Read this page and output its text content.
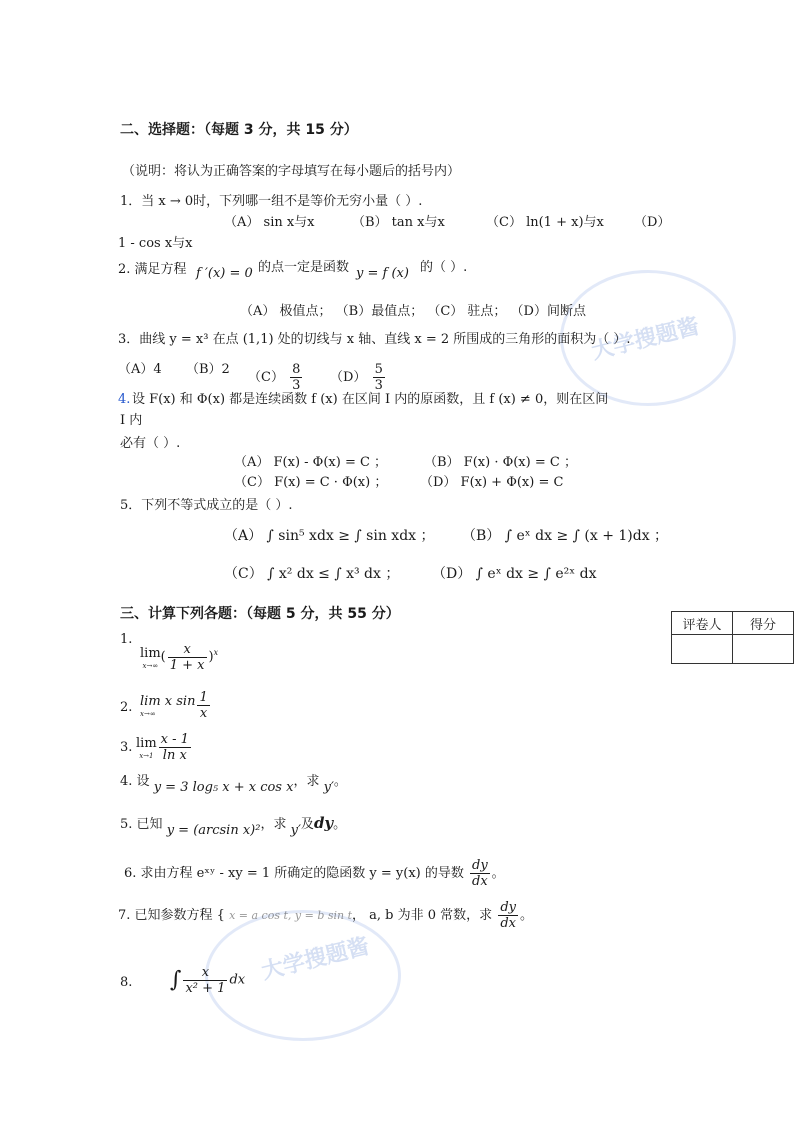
大学搜题酱
大学搜题酱
二、选择题：（每题 3 分，共 15 分）
（说明：将认为正确答案的字母填写在每小题后的括号内）
1．当 x → 0时，下列哪一组不是等价无穷小量（ ）.
（A） sin x与x	（B） tan x与x	（C） ln(1 + x)与x （D）
1 - cos x与x
2. 满足方程 f ′(x) = 0 的点一定是函数 y = f (x) 的（ ）.
（A） 极值点； （B）最值点； （C） 驻点； （D）间断点
3．曲线 y = x³ 在点 (1,1) 处的切线与 x 轴、直线 x = 2 所围成的三角形的面积为（ ）.
（A）4 （B）2
$(C) \frac{8}{3} (D) \frac{5}{3}$
4. 设 F(x) 和 Φ(x) 都是连续函数 f (x) 在区间 I 内的原函数，且 f (x) ≠ 0，则在区间
I 内
必有（ ）.
（A） F(x) - Φ(x) = C ；	（B） F(x) · Φ(x) = C ；
（C） F(x) = C · Φ(x) ；	（D） F(x) + Φ(x) = C
5．下列不等式成立的是（ ）.
（A） ∫ sin⁵ xdx ≥ ∫ sin xdx ； （B） ∫ eˣ dx ≥ ∫ (x + 1)dx ；
（C） ∫ x² dx ≤ ∫ x³ dx ； （D） ∫ eˣ dx ≥ ∫ e²ˣ dx
三、计算下列各题：（每题 5 分，共 55 分）
评卷人	得分

1.
lim
x→∞
( $\frac{x}{1 + x} )^x$
2. lim x sin
x→∞	$\frac{1}{x}$
3. lim
$x\to 1 \frac{x - 1}{\text{ln x}}$
4. 设 y = 3 log₅ x + x cos x，求 y′。
5. 已知 y = (arcsin x)²，求 y′及dy。
6. 求由方程 eˣʸ - xy = 1 所确定的隐函数 y = y(x) 的导数 $\frac{dy}{dx}$ 。
7. 已知参数方程 { x = a cos t, y = b sin t， a, b 为非 0 常数，求 $\frac{dy}{dx}$ 。
8. ∫ $\frac{x}{\text{x² + 1}}$ dx
